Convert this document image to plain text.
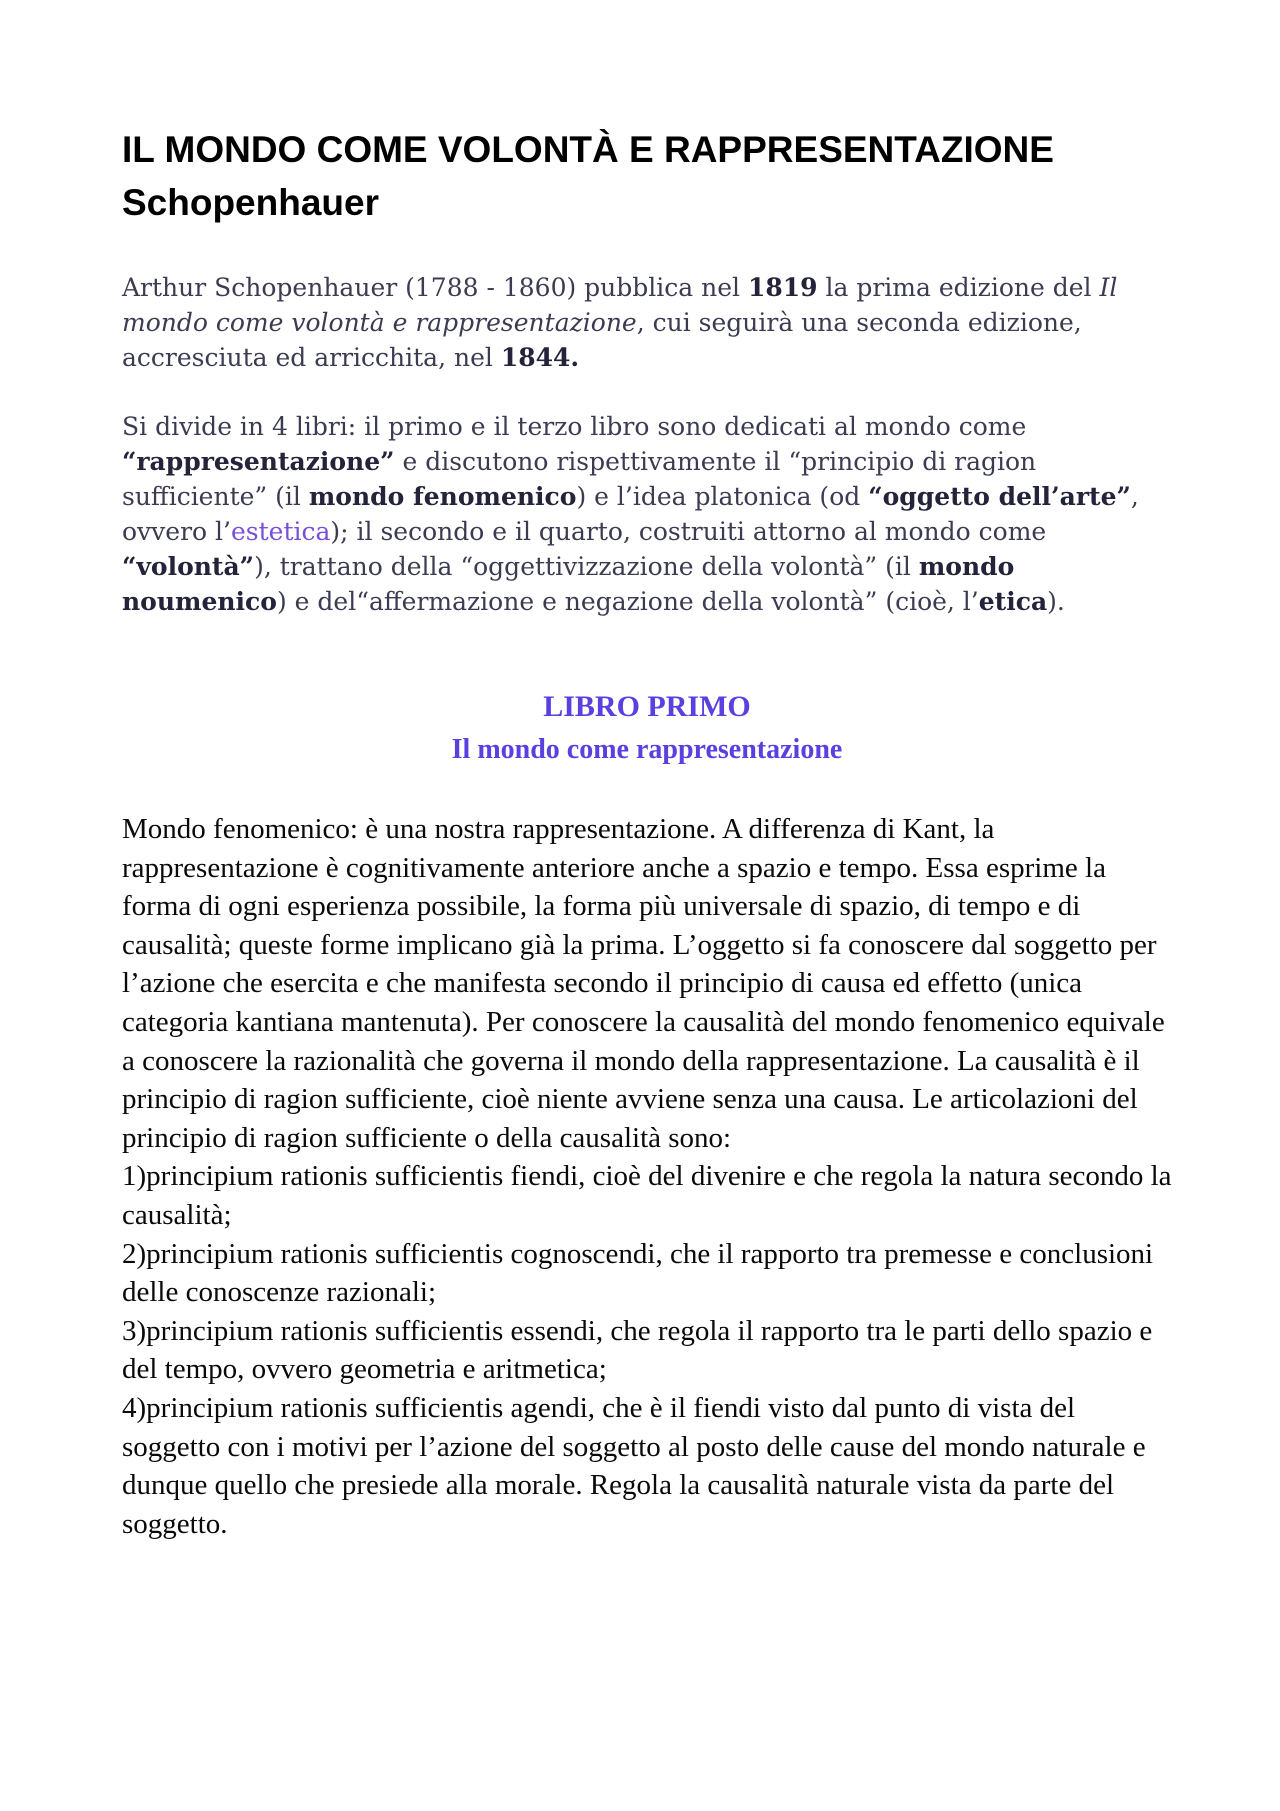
IL MONDO COME VOLONTÀ E RAPPRESENTAZIONE
Schopenhauer

Arthur Schopenhauer (1788 - 1860) pubblica nel 1819 la prima edizione del Il mondo come volontà e rappresentazione, cui seguirà una seconda edizione, accresciuta ed arricchita, nel 1844.

Si divide in 4 libri: il primo e il terzo libro sono dedicati al mondo come “rappresentazione” e discutono rispettivamente il “principio di ragion sufficiente” (il mondo fenomenico) e l’idea platonica (od “oggetto dell’arte”, ovvero l’estetica); il secondo e il quarto, costruiti attorno al mondo come “volontà”), trattano della “oggettivizzazione della volontà” (il mondo noumenico) e del“affermazione e negazione della volontà” (cioè, l’etica).

LIBRO PRIMO
Il mondo come rappresentazione
Mondo fenomenico: è una nostra rappresentazione. A differenza di Kant, la rappresentazione è cognitivamente anteriore anche a spazio e tempo. Essa esprime la forma di ogni esperienza possibile, la forma più universale di spazio, di tempo e di causalità; queste forme implicano già la prima. L’oggetto si fa conoscere dal soggetto per l’azione che esercita e che manifesta secondo il principio di causa ed effetto (unica categoria kantiana mantenuta). Per conoscere la causalità del mondo fenomenico equivale a conoscere la razionalità che governa il mondo della rappresentazione. La causalità è il principio di ragion sufficiente, cioè niente avviene senza una causa. Le articolazioni del principio di ragion sufficiente o della causalità sono:
1)principium rationis sufficientis fiendi, cioè del divenire e che regola la natura secondo la causalità;
2)principium rationis sufficientis cognoscendi, che il rapporto tra premesse e conclusioni delle conoscenze razionali;
3)principium rationis sufficientis essendi, che regola il rapporto tra le parti dello spazio e del tempo, ovvero geometria e aritmetica;
4)principium rationis sufficientis agendi, che è il fiendi visto dal punto di vista del soggetto con i motivi per l’azione del soggetto al posto delle cause del mondo naturale e dunque quello che presiede alla morale. Regola la causalità naturale vista da parte del soggetto.
